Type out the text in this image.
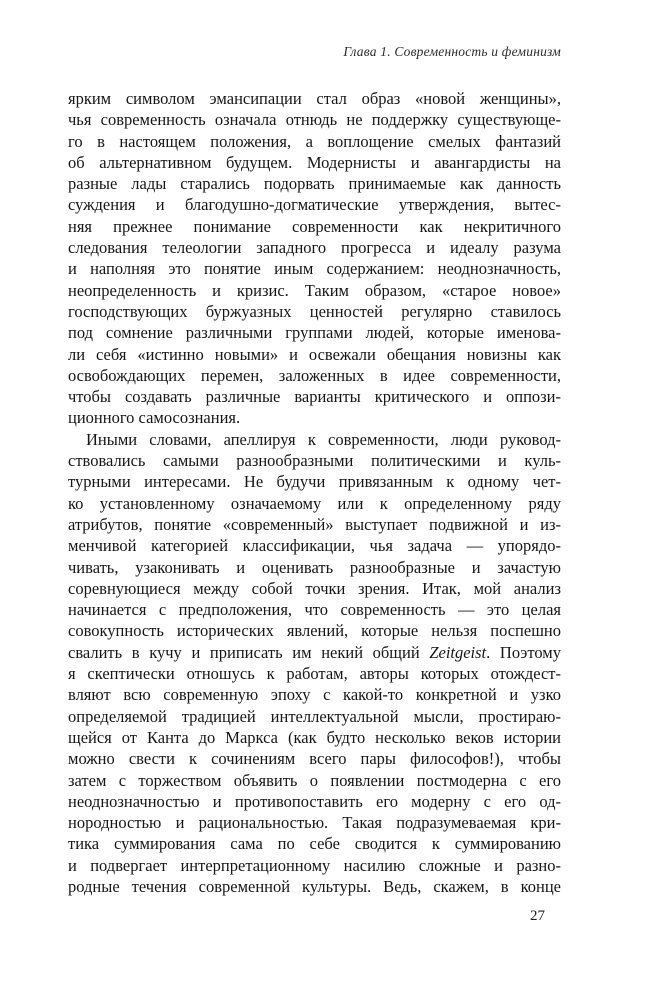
Глава 1. Современность и феминизм
ярким символом эмансипации стал образ «новой женщины»,
чья современность означала отнюдь не поддержку существующе-
го в настоящем положения, а воплощение смелых фантазий
об альтернативном будущем. Модернисты и авангардисты на
разные лады старались подорвать принимаемые как данность
суждения и благодушно-догматические утверждения, вытес-
няя прежнее понимание современности как некритичного
следования телеологии западного прогресса и идеалу разума
и наполняя это понятие иным содержанием: неоднозначность,
неопределенность и кризис. Таким образом, «старое новое»
господствующих буржуазных ценностей регулярно ставилось
под сомнение различными группами людей, которые именова-
ли себя «истинно новыми» и освежали обещания новизны как
освобождающих перемен, заложенных в идее современности,
чтобы создавать различные варианты критического и оппози-
ционного самосознания.
Иными словами, апеллируя к современности, люди руковод-
ствовались самыми разнообразными политическими и куль-
турными интересами. Не будучи привязанным к одному чет-
ко установленному означаемому или к определенному ряду
атрибутов, понятие «современный» выступает подвижной и из-
менчивой категорией классификации, чья задача — упорядо-
чивать, узаконивать и оценивать разнообразные и зачастую
соревнующиеся между собой точки зрения. Итак, мой анализ
начинается с предположения, что современность — это целая
совокупность исторических явлений, которые нельзя поспешно
свалить в кучу и приписать им некий общий Zeitgeist. Поэтому
я скептически отношусь к работам, авторы которых отождест-
вляют всю современную эпоху с какой-то конкретной и узко
определяемой традицией интеллектуальной мысли, простираю-
щейся от Канта до Маркса (как будто несколько веков истории
можно свести к сочинениям всего пары философов!), чтобы
затем с торжеством объявить о появлении постмодерна с его
неоднозначностью и противопоставить его модерну с его од-
нородностью и рациональностью. Такая подразумеваемая кри-
тика суммирования сама по себе сводится к суммированию
и подвергает интерпретационному насилию сложные и разно-
родные течения современной культуры. Ведь, скажем, в конце
27
